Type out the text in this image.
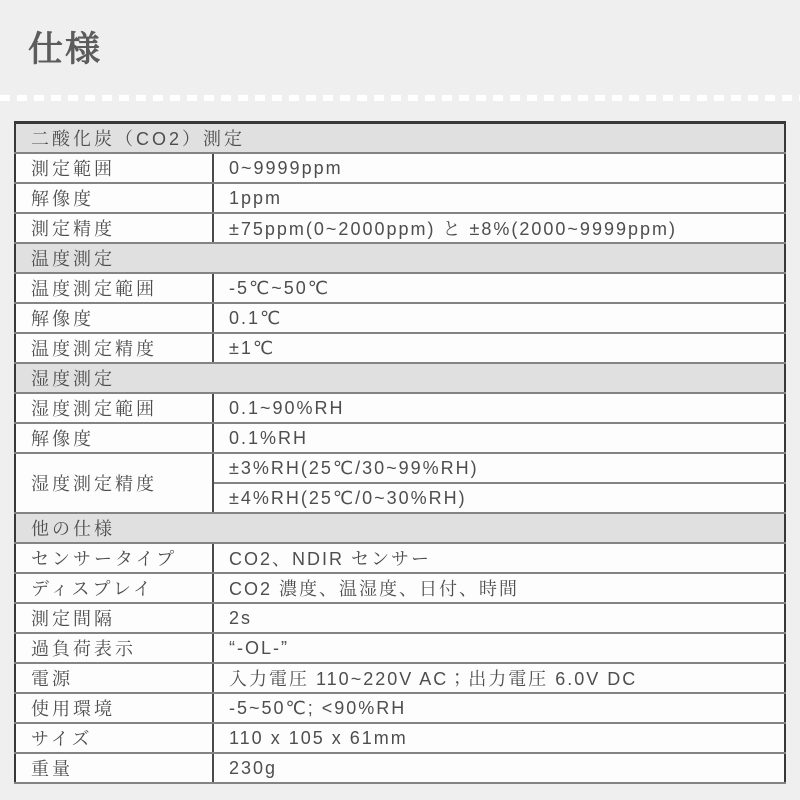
仕様
二酸化炭（CO2）測定	
測定範囲	0~9999ppm
解像度	1ppm
測定精度	±75ppm(0~2000ppm) と ±8%(2000~9999ppm)
温度測定	
温度測定範囲	-5℃~50℃
解像度	0.1℃
温度測定精度	±1℃
湿度測定	
湿度測定範囲	0.1~90%RH
解像度	0.1%RH
湿度測定精度	±3%RH(25℃/30~99%RH)
	±4%RH(25℃/0~30%RH)
他の仕様	
センサータイプ	CO2、NDIR センサー
ディスプレイ	CO2 濃度、温湿度、日付、時間
測定間隔	2s
過負荷表示	“-OL-”
電源	入力電圧 110~220V AC；出力電圧 6.0V DC
使用環境	-5~50℃; <90%RH
サイズ	110 x 105 x 61mm
重量	230g
